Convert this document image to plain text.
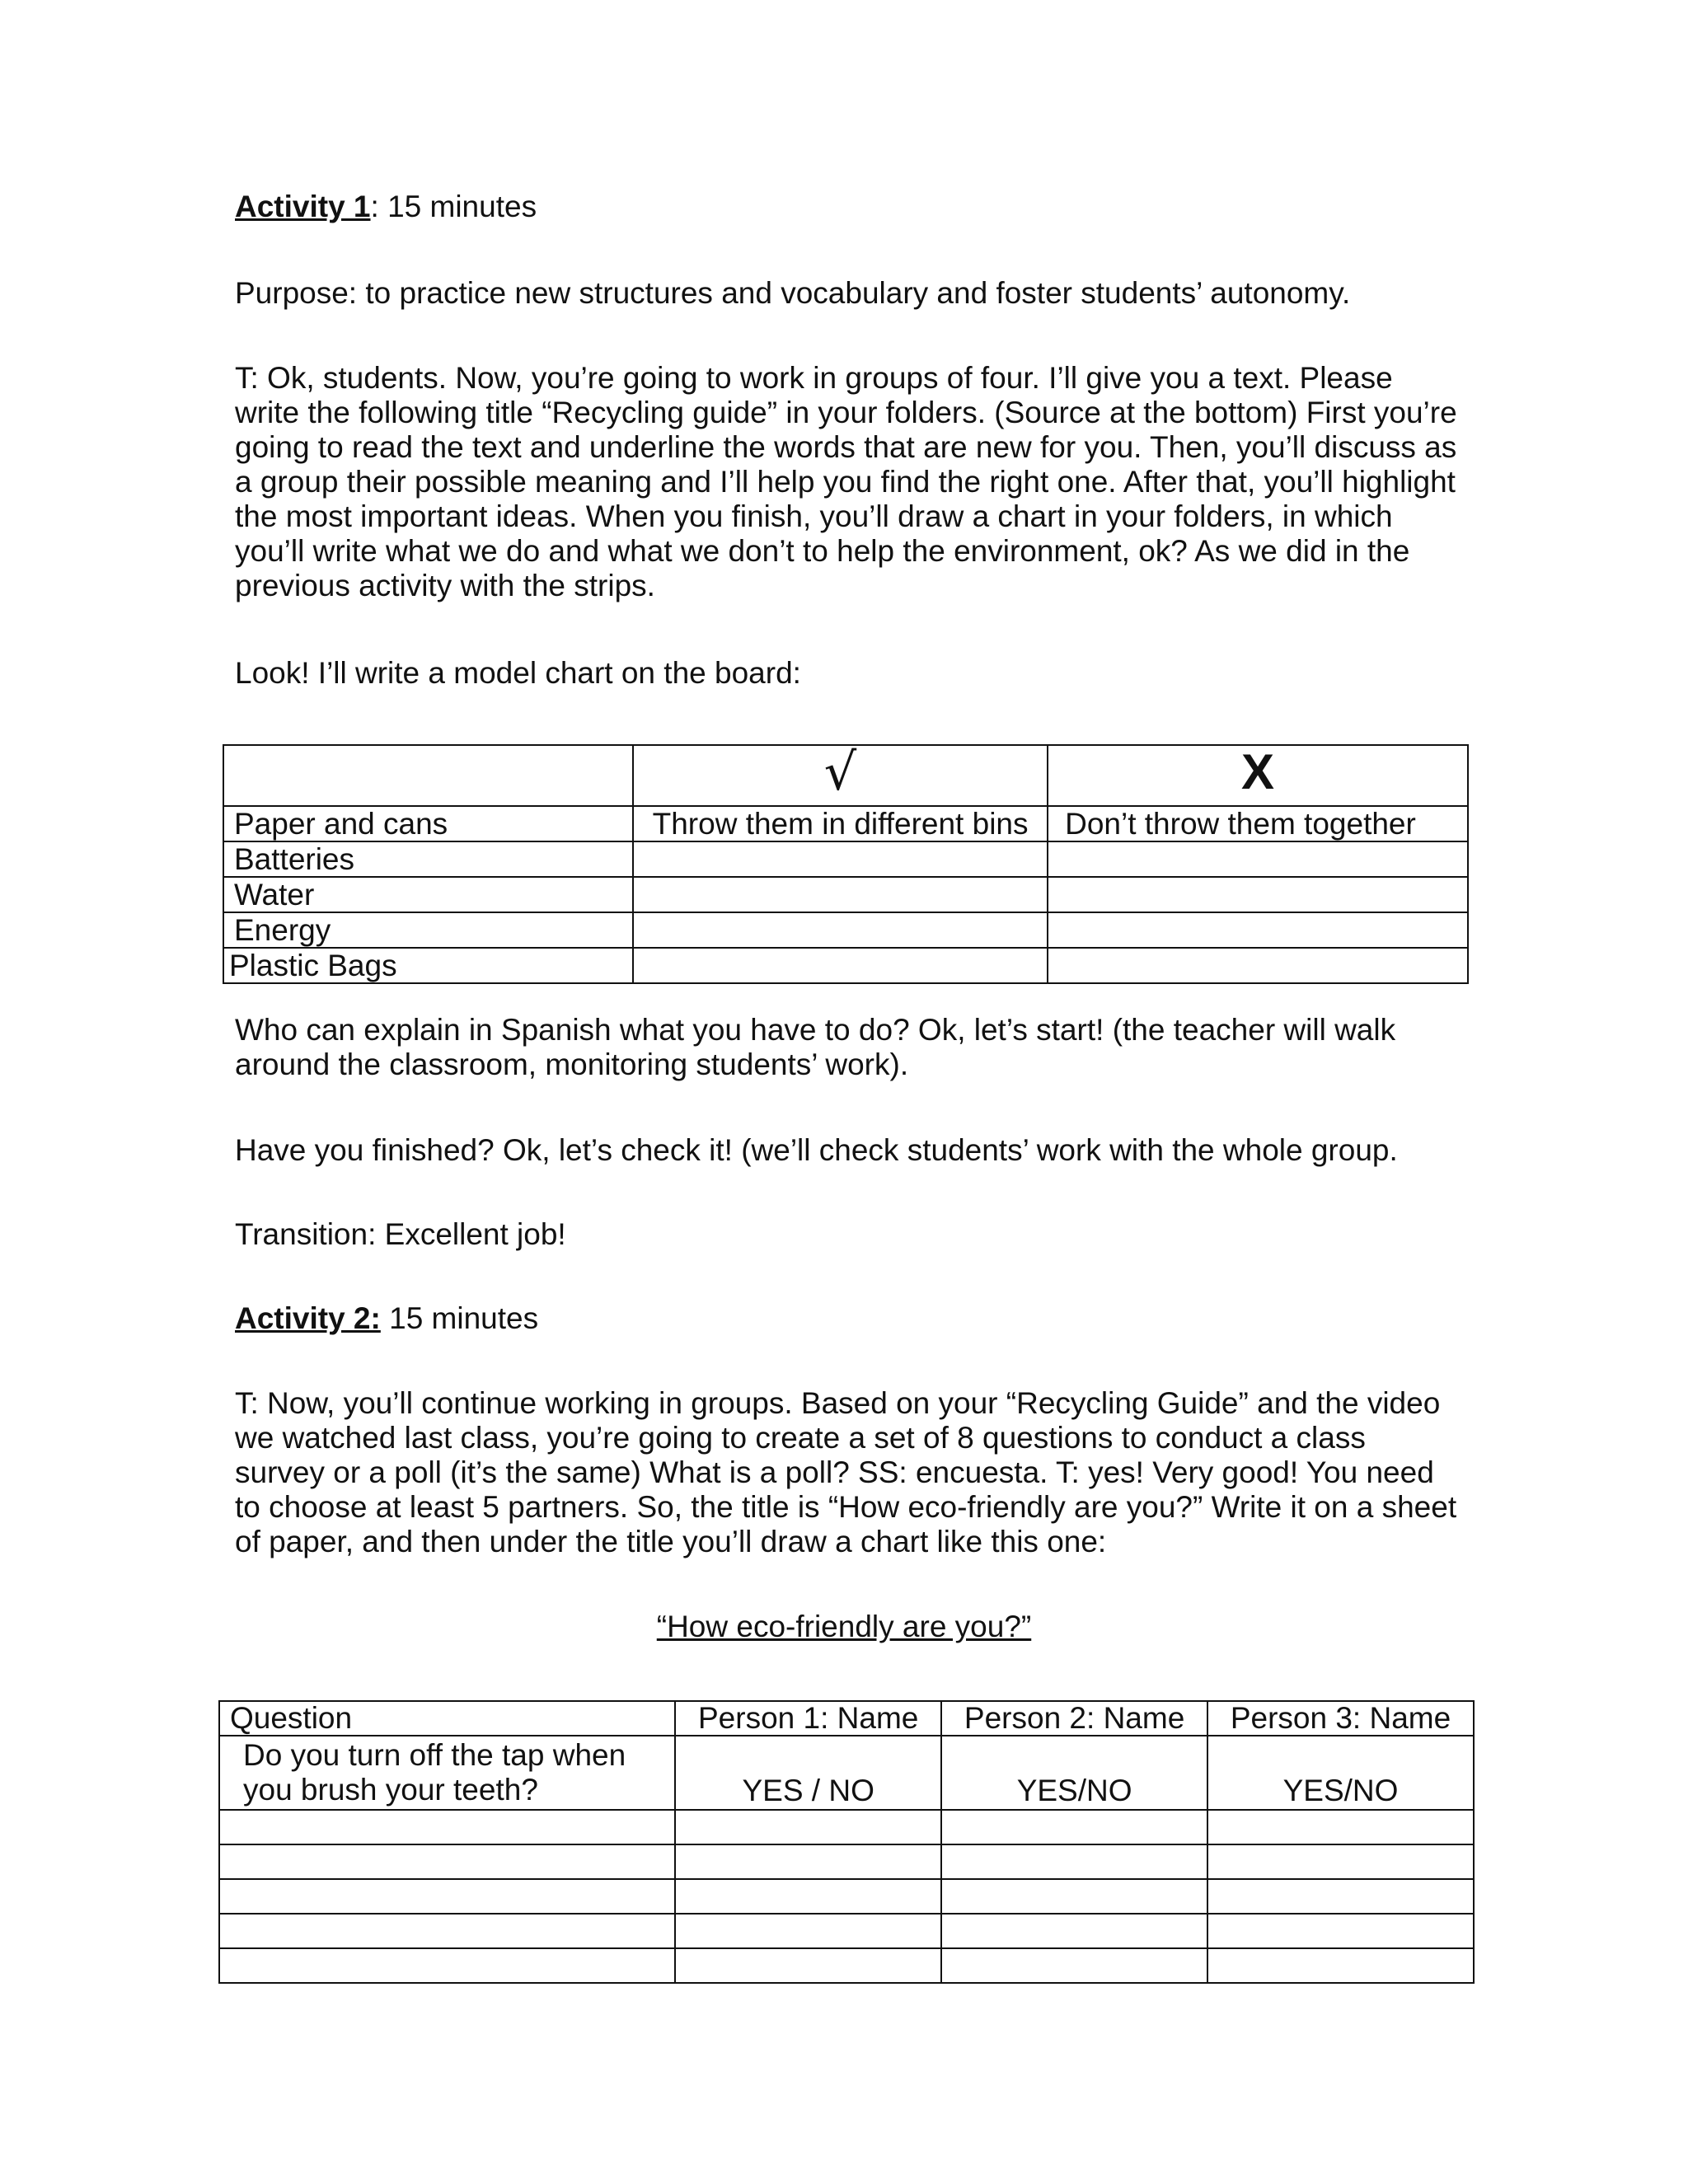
Activity 1: 15 minutes

Purpose: to practice new structures and vocabulary and foster students’ autonomy.

T: Ok, students. Now, you’re going to work in groups of four. I’ll give you a text. Please
write the following title “Recycling guide” in your folders. (Source at the bottom) First you’re
going to read the text and underline the words that are new for you. Then, you’ll discuss as
a group their possible meaning and I’ll help you find the right one. After that, you’ll highlight
the most important ideas. When you finish, you’ll draw a chart in your folders, in which
you’ll write what we do and what we don’t to help the environment, ok? As we did in the
previous activity with the strips.

Look! I’ll write a model chart on the board:

	√	X
Paper and cans	Throw them in different bins	Don’t throw them together
Batteries		
Water		
Energy		
Plastic Bags		
Who can explain in Spanish what you have to do? Ok, let’s start! (the teacher will walk
around the classroom, monitoring students’ work).

Have you finished? Ok, let’s check it! (we’ll check students’ work with the whole group.

Transition: Excellent job!

Activity 2: 15 minutes

T: Now, you’ll continue working in groups. Based on your “Recycling Guide” and the video
we watched last class, you’re going to create a set of 8 questions to conduct a class
survey or a poll (it’s the same) What is a poll? SS: encuesta. T: yes! Very good! You need
to choose at least 5 partners. So, the title is “How eco-friendly are you?” Write it on a sheet
of paper, and then under the title you’ll draw a chart like this one:
“How eco-friendly are you?”
Question	Person 1: Name	Person 2: Name	Person 3: Name

Do you turn off the tap when
you brush your teeth?	YES / NO	YES/NO	YES/NO
